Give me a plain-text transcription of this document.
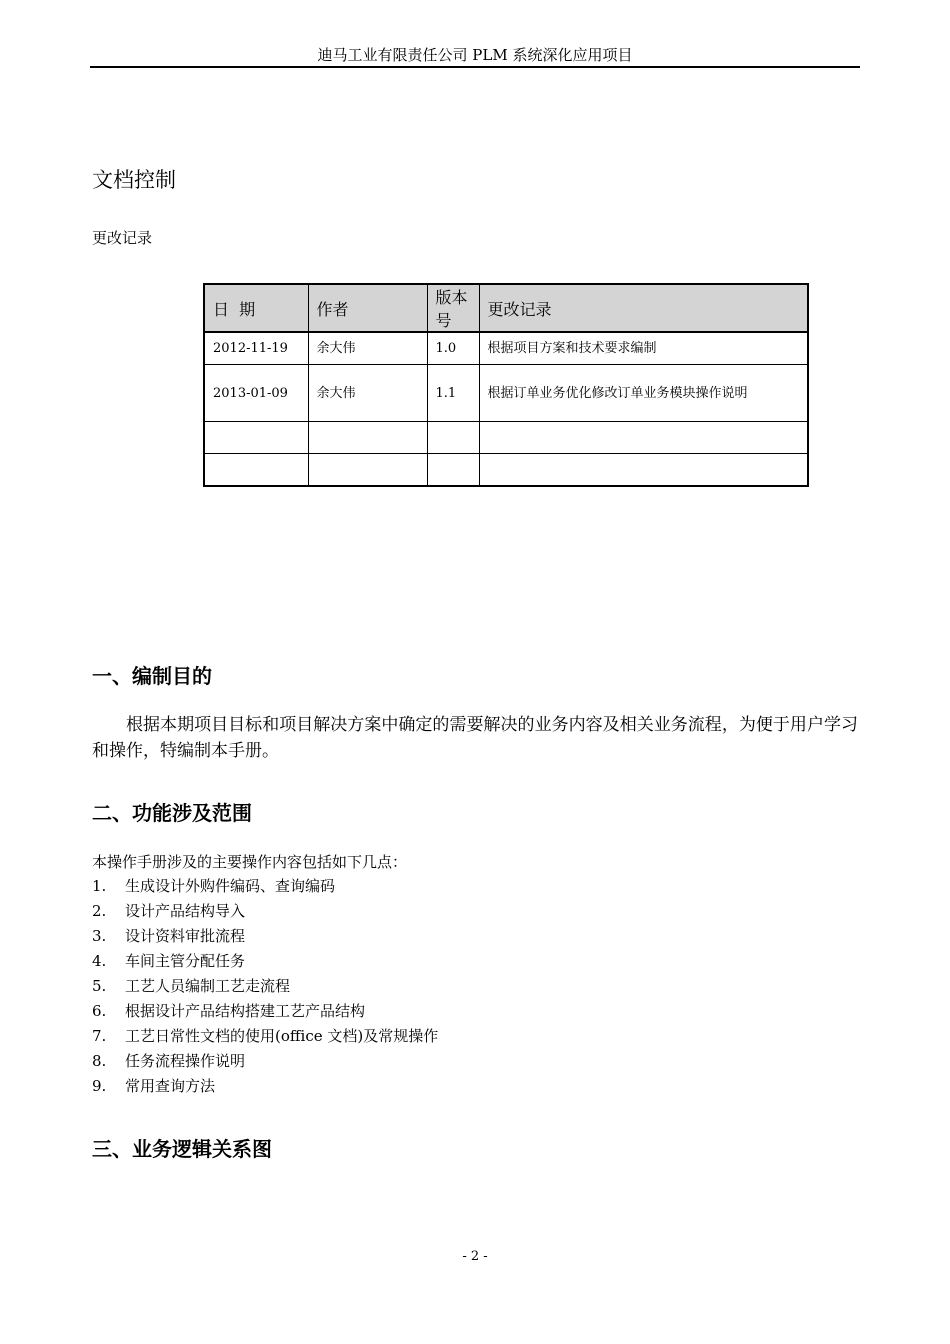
迪马工业有限责任公司 PLM 系统深化应用项目
文档控制
更改记录
日  期	作者	版本号	更改记录
2012-11-19	余大伟	1.0	根据项目方案和技术要求编制
2013-01-09	余大伟	1.1	根据订单业务优化修改订单业务模块操作说明

一、编制目的
根据本期项目目标和项目解决方案中确定的需要解决的业务内容及相关业务流程，为便于用户学习和操作，特编制本手册。
二、功能涉及范围
本操作手册涉及的主要操作内容包括如下几点：
1. 生成设计外购件编码、查询编码
2. 设计产品结构导入
3. 设计资料审批流程
4. 车间主管分配任务
5. 工艺人员编制工艺走流程
6. 根据设计产品结构搭建工艺产品结构
7. 工艺日常性文档的使用(office 文档)及常规操作
8. 任务流程操作说明
9. 常用查询方法
三、业务逻辑关系图
- 2 -
